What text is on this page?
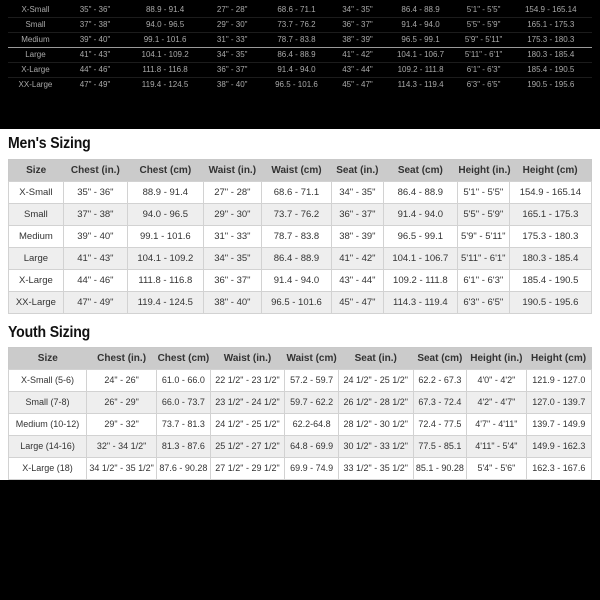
X-Small	35" - 36"	88.9 - 91.4	27" - 28"	68.6 - 71.1	34" - 35"	86.4 - 88.9	5'1" - 5'5"	154.9 - 165.14
Small	37" - 38"	94.0 - 96.5	29" - 30"	73.7 - 76.2	36" - 37"	91.4 - 94.0	5'5" - 5'9"	165.1 - 175.3
Medium	39" - 40"	99.1 - 101.6	31" - 33"	78.7 - 83.8	38" - 39"	96.5 - 99.1	5'9" - 5'11"	175.3 - 180.3
Large	41" - 43"	104.1 - 109.2	34" - 35"	86.4 - 88.9	41" - 42"	104.1 - 106.7	5'11" - 6'1"	180.3 - 185.4
X-Large	44" - 46"	111.8 - 116.8	36" - 37"	91.4 - 94.0	43" - 44"	109.2 - 111.8	6'1" - 6'3"	185.4 - 190.5
XX-Large	47" - 49"	119.4 - 124.5	38" - 40"	96.5 - 101.6	45" - 47"	114.3 - 119.4	6'3" - 6'5"	190.5 - 195.6
Men's Sizing
Size	Chest (in.)	Chest (cm)	Waist (in.)	Waist (cm)	Seat (in.)	Seat (cm)	Height (in.)	Height (cm)
X-Small	35" - 36"	88.9 - 91.4	27" - 28"	68.6 - 71.1	34" - 35"	86.4 - 88.9	5'1" - 5'5"	154.9 - 165.14
Small	37" - 38"	94.0 - 96.5	29" - 30"	73.7 - 76.2	36" - 37"	91.4 - 94.0	5'5" - 5'9"	165.1 - 175.3
Medium	39" - 40"	99.1 - 101.6	31" - 33"	78.7 - 83.8	38" - 39"	96.5 - 99.1	5'9" - 5'11"	175.3 - 180.3
Large	41" - 43"	104.1 - 109.2	34" - 35"	86.4 - 88.9	41" - 42"	104.1 - 106.7	5'11" - 6'1"	180.3 - 185.4
X-Large	44" - 46"	111.8 - 116.8	36" - 37"	91.4 - 94.0	43" - 44"	109.2 - 111.8	6'1" - 6'3"	185.4 - 190.5
XX-Large	47" - 49"	119.4 - 124.5	38" - 40"	96.5 - 101.6	45" - 47"	114.3 - 119.4	6'3" - 6'5"	190.5 - 195.6
Youth Sizing
Size	Chest (in.)	Chest (cm)	Waist (in.)	Waist (cm)	Seat (in.)	Seat (cm)	Height (in.)	Height (cm)
X-Small (5-6)	24" - 26"	61.0 - 66.0	22 1/2" - 23 1/2"	57.2 - 59.7	24 1/2" - 25 1/2"	62.2 - 67.3	4'0" - 4'2"	121.9 - 127.0
Small (7-8)	26" - 29"	66.0 - 73.7	23 1/2" - 24 1/2"	59.7 - 62.2	26 1/2" - 28 1/2"	67.3 - 72.4	4'2" - 4'7"	127.0 - 139.7
Medium (10-12)	29" - 32"	73.7 - 81.3	24 1/2" - 25 1/2"	62.2-64.8	28 1/2" - 30 1/2"	72.4 - 77.5	4'7" - 4'11"	139.7 - 149.9
Large (14-16)	32" - 34 1/2"	81.3 - 87.6	25 1/2" - 27 1/2"	64.8 - 69.9	30 1/2" - 33 1/2"	77.5 - 85.1	4'11" - 5'4"	149.9 - 162.3
X-Large (18)	34 1/2" - 35 1/2"	87.6 - 90.28	27 1/2" - 29 1/2"	69.9 - 74.9	33 1/2" - 35 1/2"	85.1 - 90.28	5'4" - 5'6"	162.3 - 167.6
